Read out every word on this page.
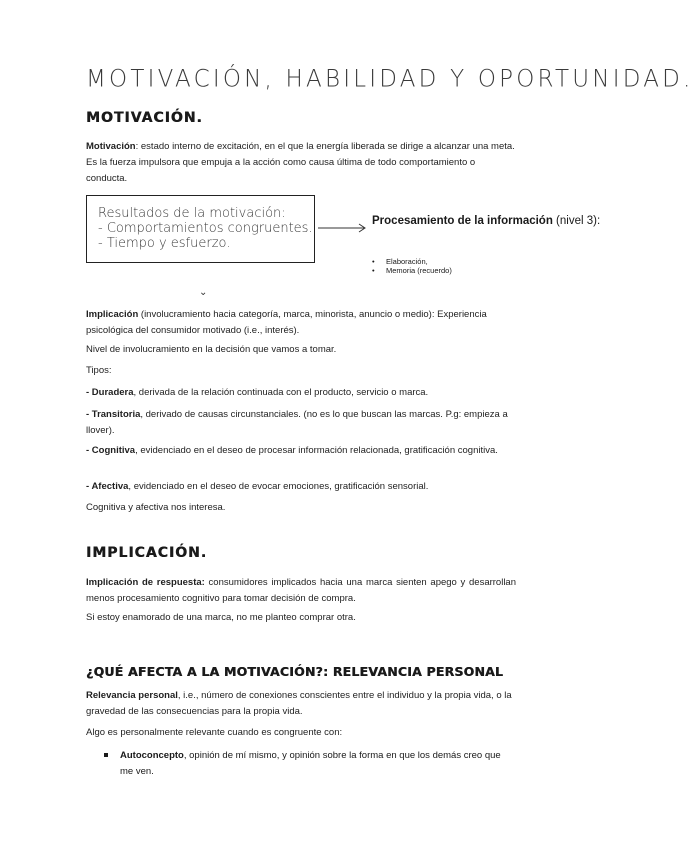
MOTIVACIÓN, HABILIDAD Y OPORTUNIDAD.
MOTIVACIÓN.

Motivación: estado interno de excitación, en el que la energía liberada se dirige a alcanzar una meta. Es la fuerza impulsora que empuja a la acción como causa última de todo comportamiento o conducta.

Resultados de la motivación:
- Comportamientos congruentes.
- Tiempo y esfuerzo.
Procesamiento de la información (nivel 3):
• Elaboración,
• Memoria (recuerdo)
⌄

Implicación (involucramiento hacia categoría, marca, minorista, anuncio o medio): Experiencia psicológica del consumidor motivado (i.e., interés).

Nivel de involucramiento en la decisión que vamos a tomar.

Tipos:

- Duradera, derivada de la relación continuada con el producto, servicio o marca.

- Transitoria, derivado de causas circunstanciales. (no es lo que buscan las marcas. P.g: empieza a llover).

- Cognitiva, evidenciado en el deseo de procesar información relacionada, gratificación cognitiva.

- Afectiva, evidenciado en el deseo de evocar emociones, gratificación sensorial.

Cognitiva y afectiva nos interesa.

IMPLICACIÓN.

Implicación de respuesta: consumidores implicados hacia una marca sienten apego y desarrollan menos procesamiento cognitivo para tomar decisión de compra.

Si estoy enamorado de una marca, no me planteo comprar otra.

¿QUÉ AFECTA A LA MOTIVACIÓN?: RELEVANCIA PERSONAL

Relevancia personal, i.e., número de conexiones conscientes entre el individuo y la propia vida, o la gravedad de las consecuencias para la propia vida.

Algo es personalmente relevante cuando es congruente con:

Autoconcepto, opinión de mí mismo, y opinión sobre la forma en que los demás creo que me ven.
